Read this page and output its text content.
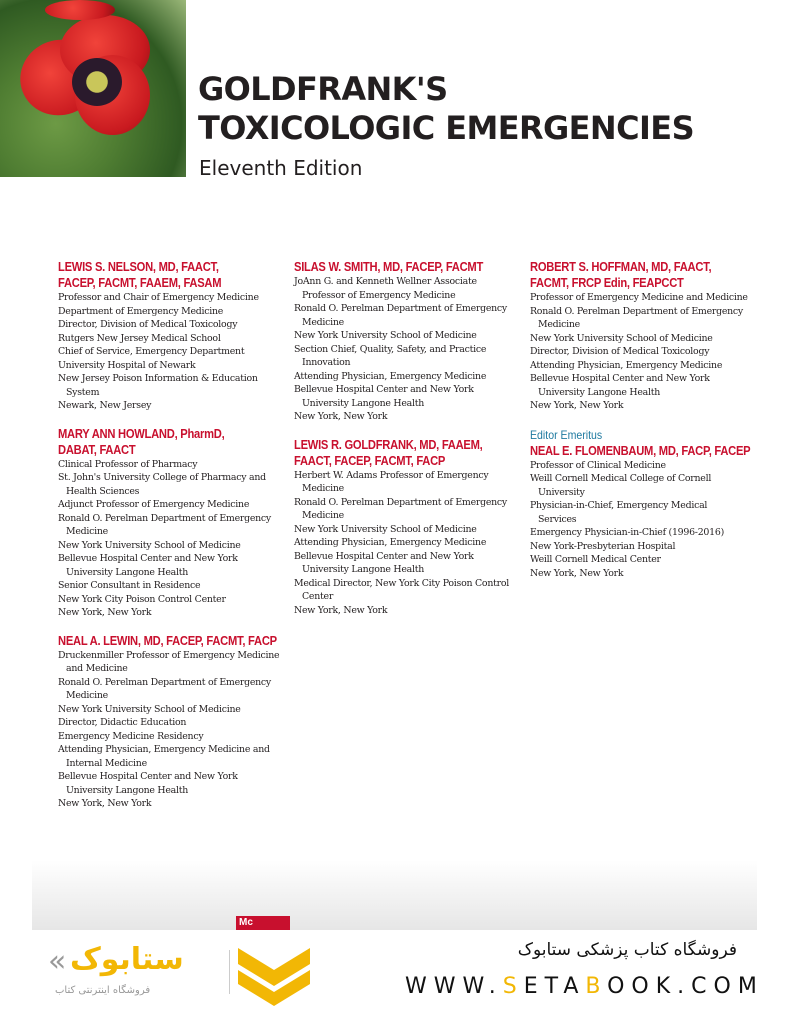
GOLDFRANK'S
TOXICOLOGIC EMERGENCIES
Eleventh Edition
LEWIS S. NELSON, MD, FAACT,
FACEP, FACMT, FAAEM, FASAM
Professor and Chair of Emergency Medicine
Department of Emergency Medicine
Director, Division of Medical Toxicology
Rutgers New Jersey Medical School
Chief of Service, Emergency Department
University Hospital of Newark
New Jersey Poison Information & Education
System
Newark, New Jersey
MARY ANN HOWLAND, PharmD,
DABAT, FAACT
Clinical Professor of Pharmacy
St. John's University College of Pharmacy and
Health Sciences
Adjunct Professor of Emergency Medicine
Ronald O. Perelman Department of Emergency
Medicine
New York University School of Medicine
Bellevue Hospital Center and New York
University Langone Health
Senior Consultant in Residence
New York City Poison Control Center
New York, New York
NEAL A. LEWIN, MD, FACEP, FACMT, FACP
Druckenmiller Professor of Emergency Medicine
and Medicine
Ronald O. Perelman Department of Emergency
Medicine
New York University School of Medicine
Director, Didactic Education
Emergency Medicine Residency
Attending Physician, Emergency Medicine and
Internal Medicine
Bellevue Hospital Center and New York
University Langone Health
New York, New York
SILAS W. SMITH, MD, FACEP, FACMT
JoAnn G. and Kenneth Wellner Associate
Professor of Emergency Medicine
Ronald O. Perelman Department of Emergency
Medicine
New York University School of Medicine
Section Chief, Quality, Safety, and Practice
Innovation
Attending Physician, Emergency Medicine
Bellevue Hospital Center and New York
University Langone Health
New York, New York
LEWIS R. GOLDFRANK, MD, FAAEM,
FAACT, FACEP, FACMT, FACP
Herbert W. Adams Professor of Emergency
Medicine
Ronald O. Perelman Department of Emergency
Medicine
New York University School of Medicine
Attending Physician, Emergency Medicine
Bellevue Hospital Center and New York
University Langone Health
Medical Director, New York City Poison Control
Center
New York, New York
ROBERT S. HOFFMAN, MD, FAACT,
FACMT, FRCP Edin, FEAPCCT
Professor of Emergency Medicine and Medicine
Ronald O. Perelman Department of Emergency
Medicine
New York University School of Medicine
Director, Division of Medical Toxicology
Attending Physician, Emergency Medicine
Bellevue Hospital Center and New York
University Langone Health
New York, New York
Editor Emeritus
NEAL E. FLOMENBAUM, MD, FACP, FACEP
Professor of Clinical Medicine
Weill Cornell Medical College of Cornell
University
Physician-in-Chief, Emergency Medical
Services
Emergency Physician-in-Chief (1996-2016)
New York-Presbyterian Hospital
Weill Cornell Medical Center
New York, New York
Mc
« ستابوک
فروشگاه اینترنتی کتاب
فروشگاه کتاب پزشکی ستابوک
WWW.SETABOOK.COM
